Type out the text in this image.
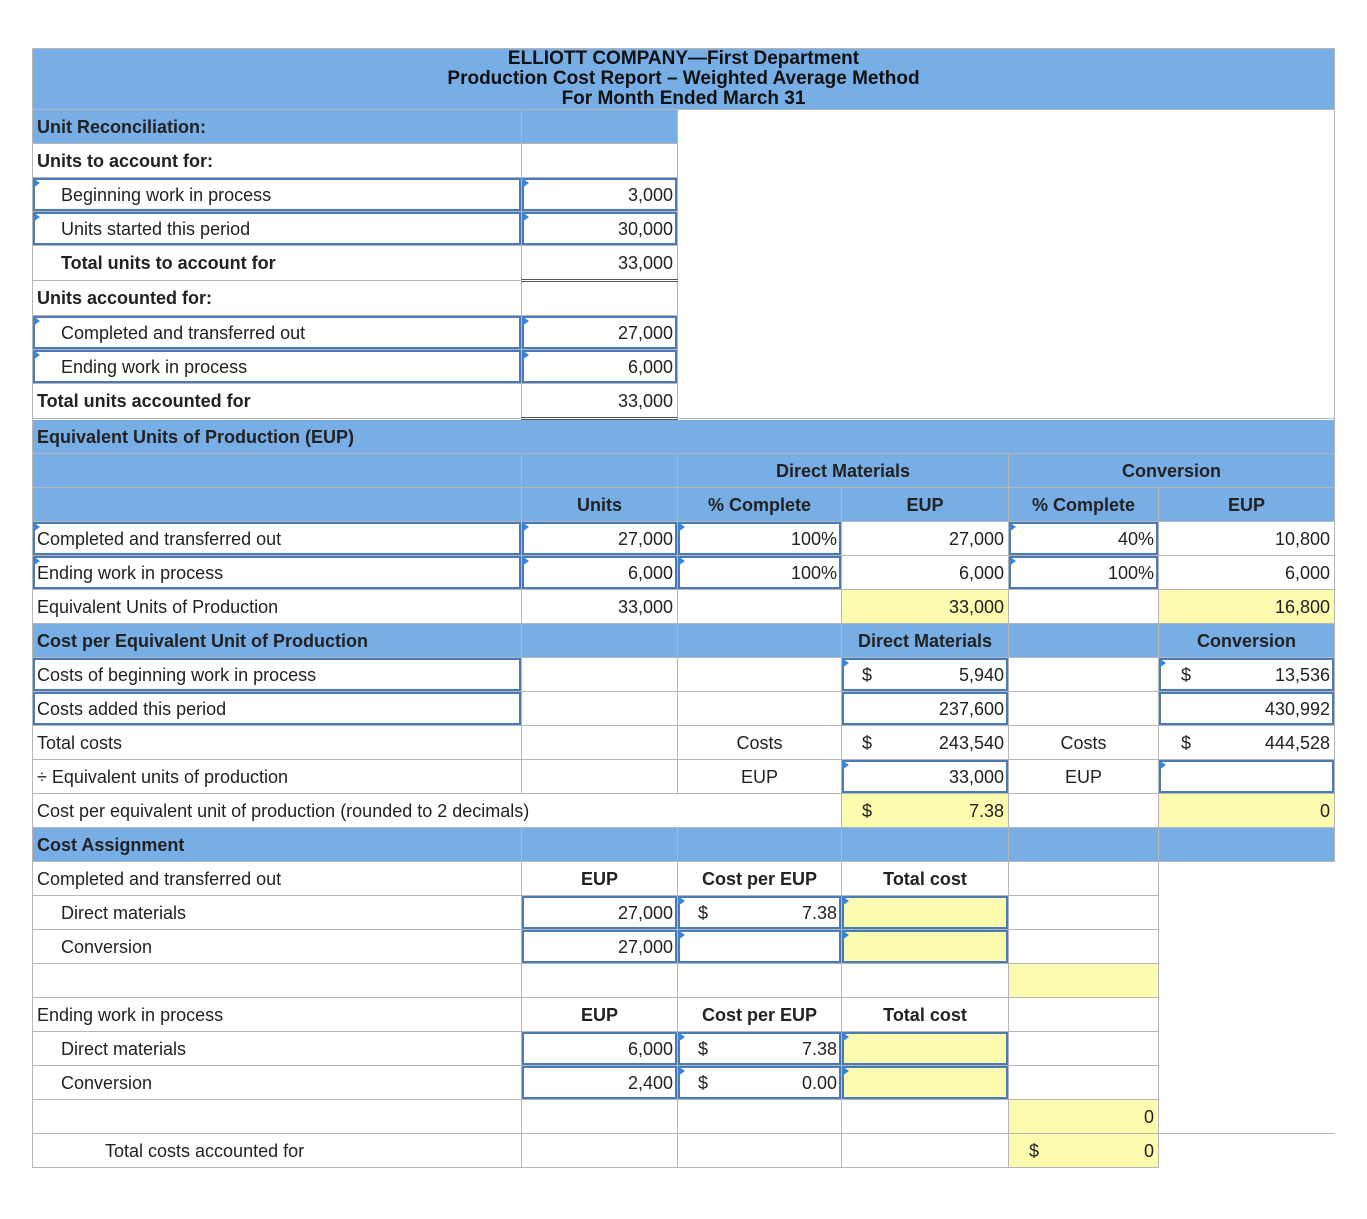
ELLIOTT COMPANY—First Department
Production Cost Report – Weighted Average Method
For Month Ended March 31					

Unit Reconciliation:					
Units to account for:					
Beginning work in process	3,000				
Units started this period	30,000				
Total units to account for	33,000				
Units accounted for:					
Completed and transferred out	27,000				
Ending work in process	6,000				
Total units accounted for	33,000				
Equivalent Units of Production (EUP)					
		Direct Materials		Conversion	
	Units	% Complete	EUP	% Complete	EUP
Completed and transferred out	27,000	100%	27,000	40%	10,800
Ending work in process	6,000	100%	6,000	100%	6,000
Equivalent Units of Production	33,000		33,000		16,800
Cost per Equivalent Unit of Production			Direct Materials		Conversion
Costs of beginning work in process			$ 5,940		$ 13,536
Costs added this period			237,600		430,992
Total costs		Costs	$ 243,540	Costs	$ 444,528
÷ Equivalent units of production		EUP	33,000	EUP	
Cost per equivalent unit of production (rounded to 2 decimals)			$ 7.38		0
Cost Assignment					
Completed and transferred out	EUP	Cost per EUP	Total cost		
Direct materials	27,000	$ 7.38			
Conversion	27,000				

Ending work in process	EUP	Cost per EUP	Total cost		
Direct materials	6,000	$ 7.38			
Conversion	2,400	$ 0.00			
				0	
Total costs accounted for				$ 0	
